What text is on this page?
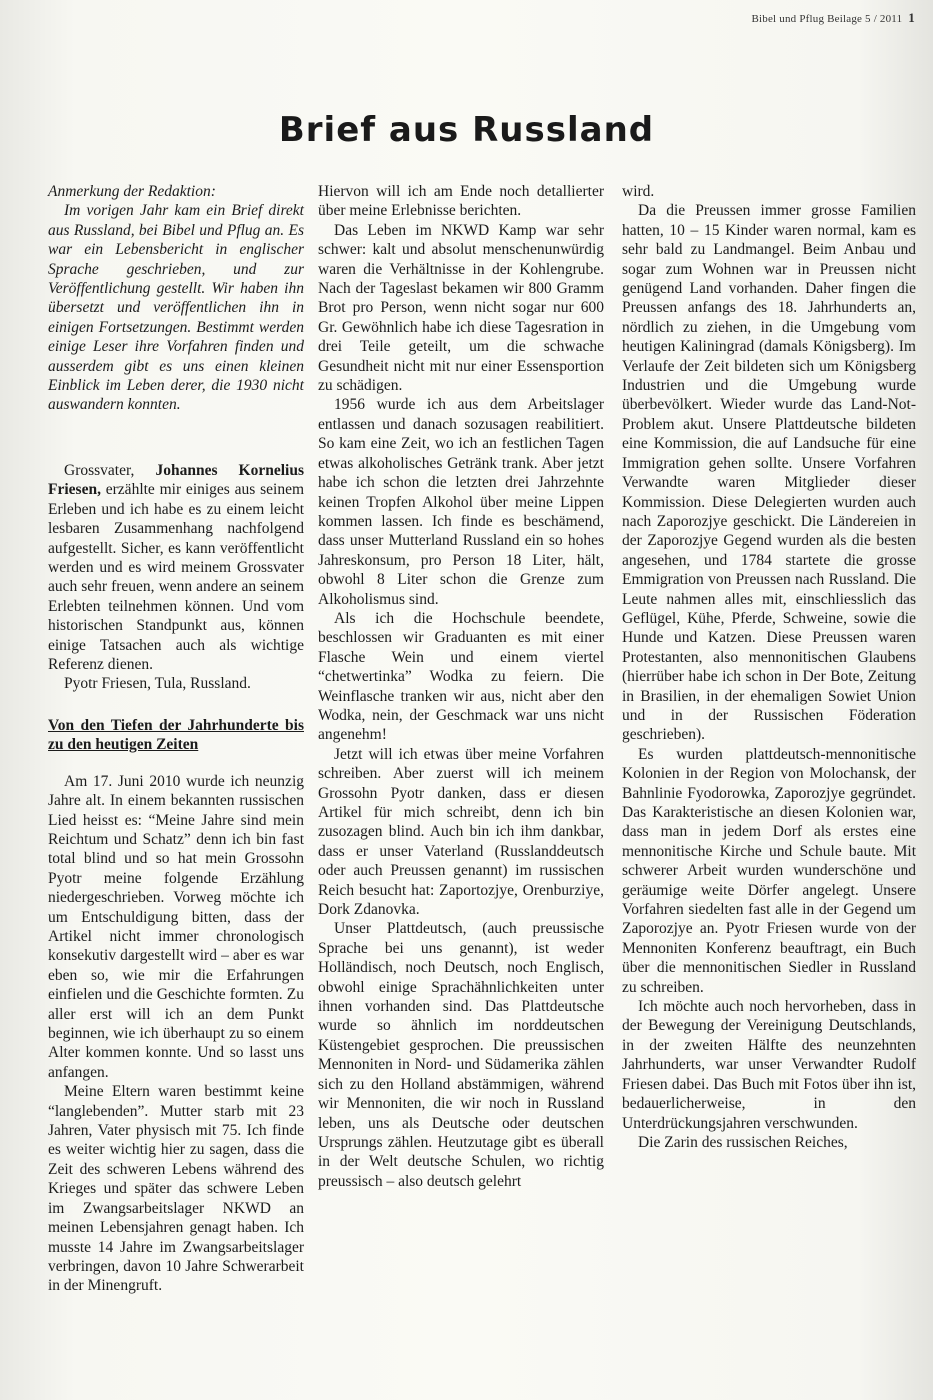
Bibel und Pflug Beilage 5 / 2011 1
Brief aus Russland

Anmerkung der Redaktion:

Im vorigen Jahr kam ein Brief direkt aus Russland, bei Bibel und Pflug an. Es war ein Lebensbericht in englischer Sprache geschrieben, und zur Veröffentlichung gestellt. Wir haben ihn übersetzt und veröffentlichen ihn in einigen Fortsetzungen. Bestimmt werden einige Leser ihre Vorfahren finden und ausserdem gibt es uns einen kleinen Einblick im Leben derer, die 1930 nicht auswandern konnten.

Grossvater, Johannes Kornelius Friesen, erzählte mir einiges aus seinem Erleben und ich habe es zu einem leicht lesbaren Zusammenhang nachfolgend aufgestellt. Sicher, es kann veröffentlicht werden und es wird meinem Grossvater auch sehr freuen, wenn andere an seinem Erlebten teilnehmen können. Und vom historischen Standpunkt aus, können einige Tatsachen auch als wichtige Referenz dienen.

Pyotr Friesen, Tula, Russland.

Von den Tiefen der Jahrhunderte bis zu den heutigen Zeiten

Am 17. Juni 2010 wurde ich neunzig Jahre alt. In einem bekannten russischen Lied heisst es: “Meine Jahre sind mein Reichtum und Schatz” denn ich bin fast total blind und so hat mein Grossohn Pyotr meine folgende Erzählung niedergeschrieben. Vorweg möchte ich um Entschuldigung bitten, dass der Artikel nicht immer chronologisch konsekutiv dargestellt wird – aber es war eben so, wie mir die Erfahrungen einfielen und die Geschichte formten. Zu aller erst will ich an dem Punkt beginnen, wie ich überhaupt zu so einem Alter kommen konnte. Und so lasst uns anfangen.

Meine Eltern waren bestimmt keine “langlebenden”. Mutter starb mit 23 Jahren, Vater physisch mit 75. Ich finde es weiter wichtig hier zu sagen, dass die Zeit des schweren Lebens während des Krieges und später das schwere Leben im Zwangsarbeitslager NKWD an meinen Lebensjahren genagt haben. Ich musste 14 Jahre im Zwangsarbeitslager verbringen, davon 10 Jahre Schwerarbeit in der Minengruft.

Hiervon will ich am Ende noch detallierter über meine Erlebnisse berichten.

Das Leben im NKWD Kamp war sehr schwer: kalt und absolut menschenunwürdig waren die Verhältnisse in der Kohlengrube. Nach der Tageslast bekamen wir 800 Gramm Brot pro Person, wenn nicht sogar nur 600 Gr. Gewöhnlich habe ich diese Tagesration in drei Teile geteilt, um die schwache Gesundheit nicht mit nur einer Essensportion zu schädigen.

1956 wurde ich aus dem Arbeitslager entlassen und danach sozusagen reabilitiert. So kam eine Zeit, wo ich an festlichen Tagen etwas alkoholisches Getränk trank. Aber jetzt habe ich schon die letzten drei Jahrzehnte keinen Tropfen Alkohol über meine Lippen kommen lassen. Ich finde es beschämend, dass unser Mutterland Russland ein so hohes Jahreskonsum, pro Person 18 Liter, hält, obwohl 8 Liter schon die Grenze zum Alkoholismus sind.

Als ich die Hochschule beendete, beschlossen wir Graduanten es mit einer Flasche Wein und einem viertel “chetwertinka” Wodka zu feiern. Die Weinflasche tranken wir aus, nicht aber den Wodka, nein, der Geschmack war uns nicht angenehm!

Jetzt will ich etwas über meine Vorfahren schreiben. Aber zuerst will ich meinem Grossohn Pyotr danken, dass er diesen Artikel für mich schreibt, denn ich bin zusozagen blind. Auch bin ich ihm dankbar, dass er unser Vaterland (Russlanddeutsch oder auch Preussen genannt) im russischen Reich besucht hat: Zaportozjye, Orenburziye, Dork Zdanovka.

Unser Plattdeutsch, (auch preussische Sprache bei uns genannt), ist weder Holländisch, noch Deutsch, noch Englisch, obwohl einige Sprachähnlichkeiten unter ihnen vorhanden sind. Das Plattdeutsche wurde so ähnlich im norddeutschen Küstengebiet gesprochen. Die preussischen Mennoniten in Nord- und Südamerika zählen sich zu den Holland abstämmigen, während wir Mennoniten, die wir noch in Russland leben, uns als Deutsche oder deutschen Ursprungs zählen. Heutzutage gibt es überall in der Welt deutsche Schulen, wo richtig preussisch – also deutsch gelehrt

wird.

Da die Preussen immer grosse Familien hatten, 10 – 15 Kinder waren normal, kam es sehr bald zu Landmangel. Beim Anbau und sogar zum Wohnen war in Preussen nicht genügend Land vorhanden. Daher fingen die Preussen anfangs des 18. Jahrhunderts an, nördlich zu ziehen, in die Umgebung vom heutigen Kaliningrad (damals Königsberg). Im Verlaufe der Zeit bildeten sich um Königsberg Industrien und die Umgebung wurde überbevölkert. Wieder wurde das Land-Not-Problem akut. Unsere Plattdeutsche bildeten eine Kommission, die auf Landsuche für eine Immigration gehen sollte. Unsere Vorfahren Verwandte waren Mitglieder dieser Kommission. Diese Delegierten wurden auch nach Zaporozjye geschickt. Die Ländereien in der Zaporozjye Gegend wurden als die besten angesehen, und 1784 startete die grosse Emmigration von Preussen nach Russland. Die Leute nahmen alles mit, einschliesslich das Geflügel, Kühe, Pferde, Schweine, sowie die Hunde und Katzen. Diese Preussen waren Protestanten, also mennonitischen Glaubens (hierrüber habe ich schon in Der Bote, Zeitung in Brasilien, in der ehemaligen Sowiet Union und in der Russischen Föderation geschrieben).

Es wurden plattdeutsch-mennonitische Kolonien in der Region von Molochansk, der Bahnlinie Fyodorowka, Zaporozjye gegründet. Das Karakteristische an diesen Kolonien war, dass man in jedem Dorf als erstes eine mennonitische Kirche und Schule baute. Mit schwerer Arbeit wurden wunderschöne und geräumige weite Dörfer angelegt. Unsere Vorfahren siedelten fast alle in der Gegend um Zaporozjye an. Pyotr Friesen wurde von der Mennoniten Konferenz beauftragt, ein Buch über die mennonitischen Siedler in Russland zu schreiben.

Ich möchte auch noch hervorheben, dass in der Bewegung der Vereinigung Deutschlands, in der zweiten Hälfte des neunzehnten Jahrhunderts, war unser Verwandter Rudolf Friesen dabei. Das Buch mit Fotos über ihn ist, bedauerlicherweise, in den Unterdrückungsjahren verschwunden.

Die Zarin des russischen Reiches,
